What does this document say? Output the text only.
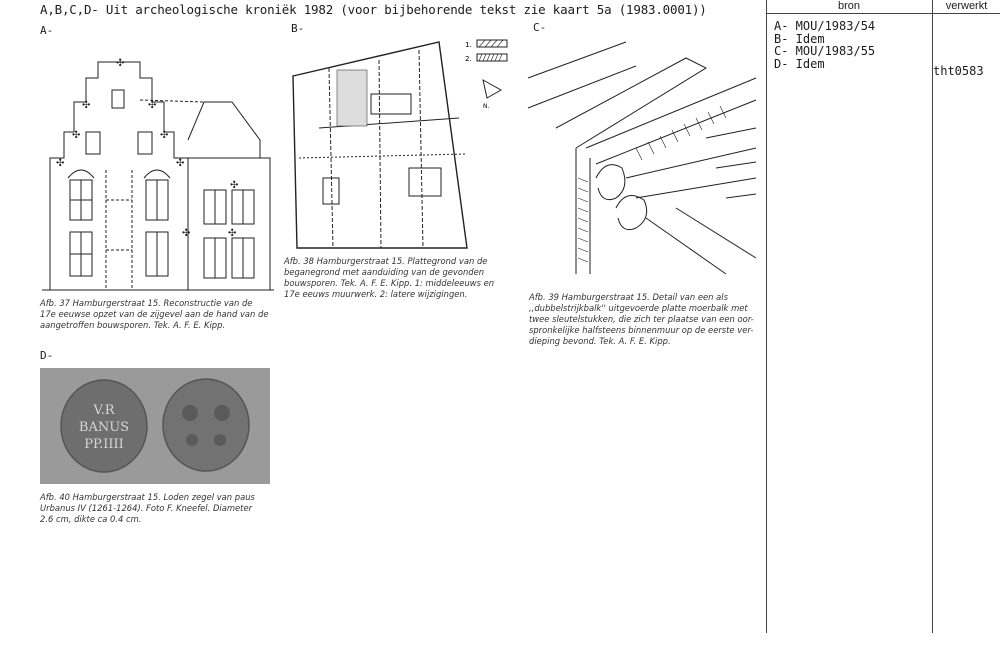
A,B,C,D- Uit archeologische kroniëk 1982 (voor bijbehorende tekst zie kaart 5a (1983.0001))
A-	B-	C-
D-
✣
✣	✣
✣	✣
✣	✣
✣	✣
✣
1.
2.
N.
V.R
BANUS
PP.IIII
Afb. 37 Hamburgerstraat 15. Reconstructie van de
17e eeuwse opzet van de zijgevel aan de hand van de
aangetroffen bouwsporen. Tek. A. F. E. Kipp.
Afb. 38 Hamburgerstraat 15. Plattegrond van de
beganegrond met aanduiding van de gevonden
bouwsporen. Tek. A. F. E. Kipp. 1: middeleeuws en
17e eeuws muurwerk. 2: latere wijzigingen.	Afb. 39 Hamburgerstraat 15. Detail van een als
,,dubbelstrijkbalk'' uitgevoerde platte moerbalk met
twee sleutelstukken, die zich ter plaatse van een oor-
spronkelijke halfsteens binnenmuur op de eerste ver-
dieping bevond. Tek. A. F. E. Kipp.
Afb. 40 Hamburgerstraat 15. Loden zegel van paus
Urbanus IV (1261-1264). Foto F. Kneefel. Diameter
2.6 cm, dikte ca 0.4 cm.
bron	verwerkt
A- MOU/1983/54
B- Idem
C- MOU/1983/55
D- Idem
tht0583
